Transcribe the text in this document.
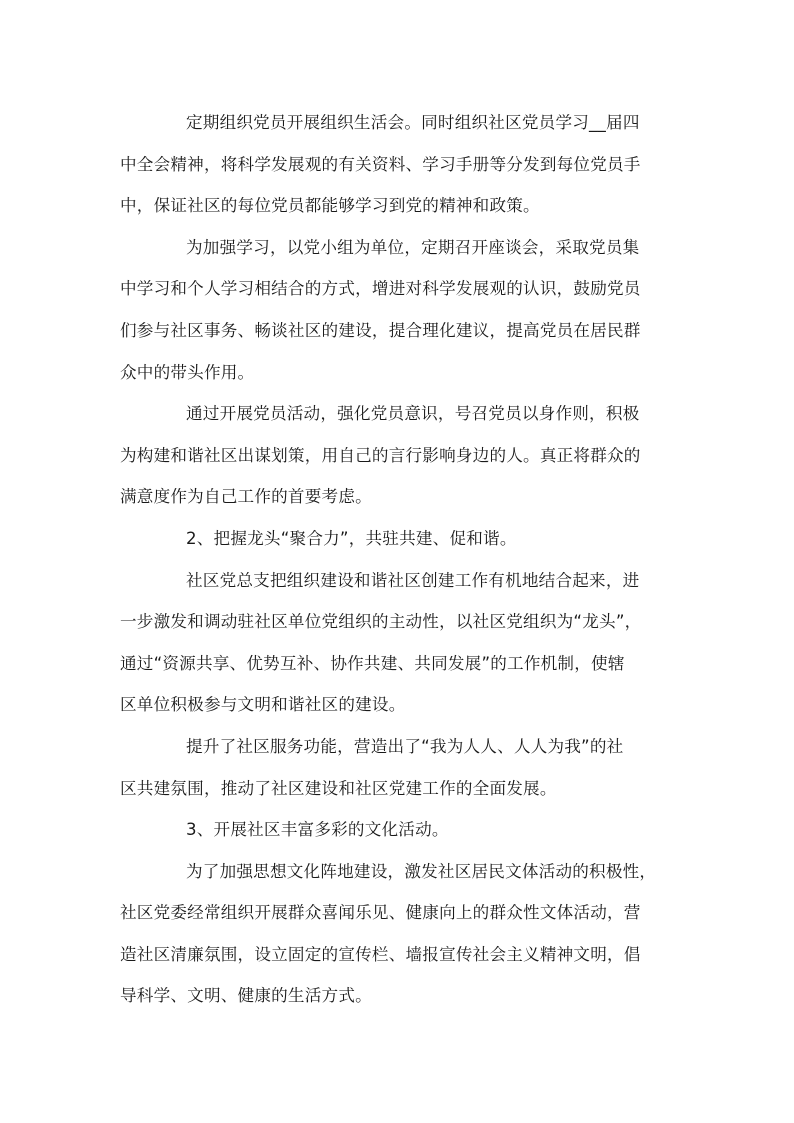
定期组织党员开展组织生活会。同时组织社区党员学习__届四
中全会精神，将科学发展观的有关资料、学习手册等分发到每位党员手
中，保证社区的每位党员都能够学习到党的精神和政策。

为加强学习，以党小组为单位，定期召开座谈会，采取党员集
中学习和个人学习相结合的方式，增进对科学发展观的认识，鼓励党员
们参与社区事务、畅谈社区的建设，提合理化建议，提高党员在居民群
众中的带头作用。

通过开展党员活动，强化党员意识，号召党员以身作则，积极
为构建和谐社区出谋划策，用自己的言行影响身边的人。真正将群众的
满意度作为自己工作的首要考虑。

2、把握龙头“聚合力”，共驻共建、促和谐。

社区党总支把组织建设和谐社区创建工作有机地结合起来，进
一步激发和调动驻社区单位党组织的主动性，以社区党组织为“龙头”，
通过“资源共享、优势互补、协作共建、共同发展”的工作机制，使辖
区单位积极参与文明和谐社区的建设。

提升了社区服务功能，营造出了“我为人人、人人为我”的社
区共建氛围，推动了社区建设和社区党建工作的全面发展。

3、开展社区丰富多彩的文化活动。

为了加强思想文化阵地建设，激发社区居民文体活动的积极性，
社区党委经常组织开展群众喜闻乐见、健康向上的群众性文体活动，营
造社区清廉氛围，设立固定的宣传栏、墙报宣传社会主义精神文明，倡
导科学、文明、健康的生活方式。
